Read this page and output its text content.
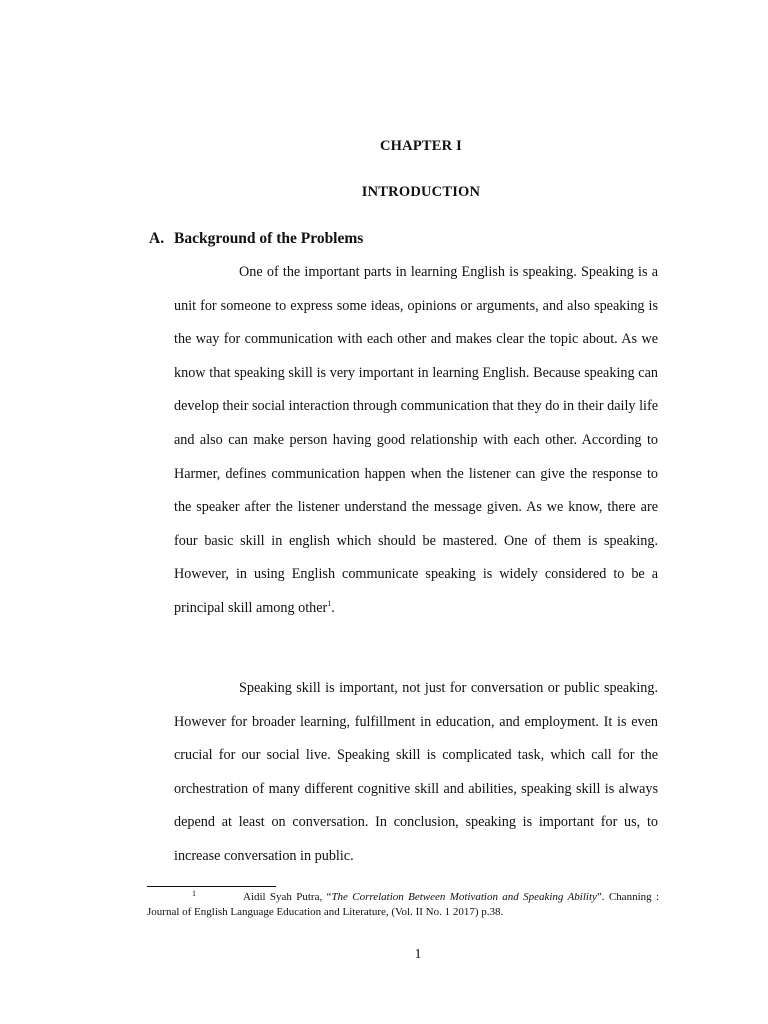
CHAPTER I
INTRODUCTION
A. Background of the Problems

One of the important parts in learning English is speaking. Speaking is a unit for someone to express some ideas, opinions or arguments, and also speaking is the way for communication with each other and makes clear the topic about. As we know that speaking skill is very important in learning English. Because speaking can develop their social interaction through communication that they do in their daily life and also can make person having good relationship with each other. According to Harmer, defines communication happen when the listener can give the response to the speaker after the listener understand the message given. As we know, there are four basic skill in english which should be mastered. One of them is speaking. However, in using English communicate speaking is widely considered to be a principal skill among other$^1$.

Speaking skill is important, not just for conversation or public speaking. However for broader learning, fulfillment in education, and employment. It is even crucial for our social live. Speaking skill is complicated task, which call for the orchestration of many different cognitive skill and abilities, speaking skill is always depend at least on conversation. In conclusion, speaking is important for us, to increase conversation in public.

1	Aidil Syah Putra, “The Correlation Between Motivation and Speaking Ability”. Channing : Journal of English Language Education and Literature, (Vol. II No. 1 2017) p.38.

1
